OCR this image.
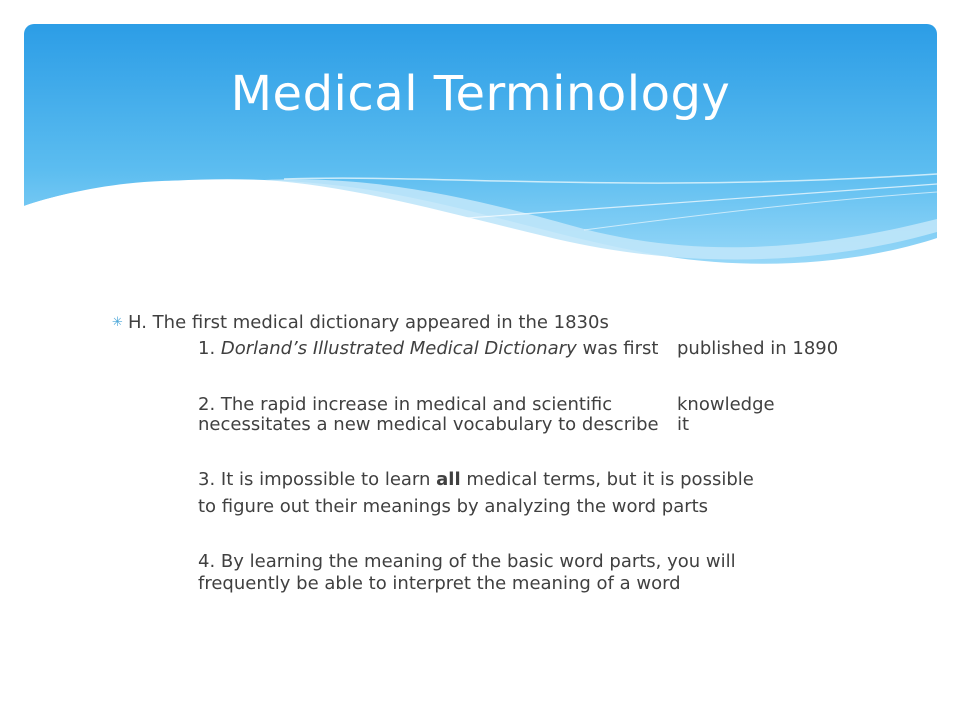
Medical Terminology
✳ H. The first medical dictionary appeared in the 1830s
1. Dorland’s Illustrated Medical Dictionary was first published in 1890
2. The rapid increase in medical and scientific	knowledge
necessitates a new medical vocabulary to describe it
3. It is impossible to learn all medical terms, but it is possible
to figure out their meanings by analyzing the word parts
4. By learning the meaning of the basic word parts, you will
frequently be able to interpret the meaning of a word
